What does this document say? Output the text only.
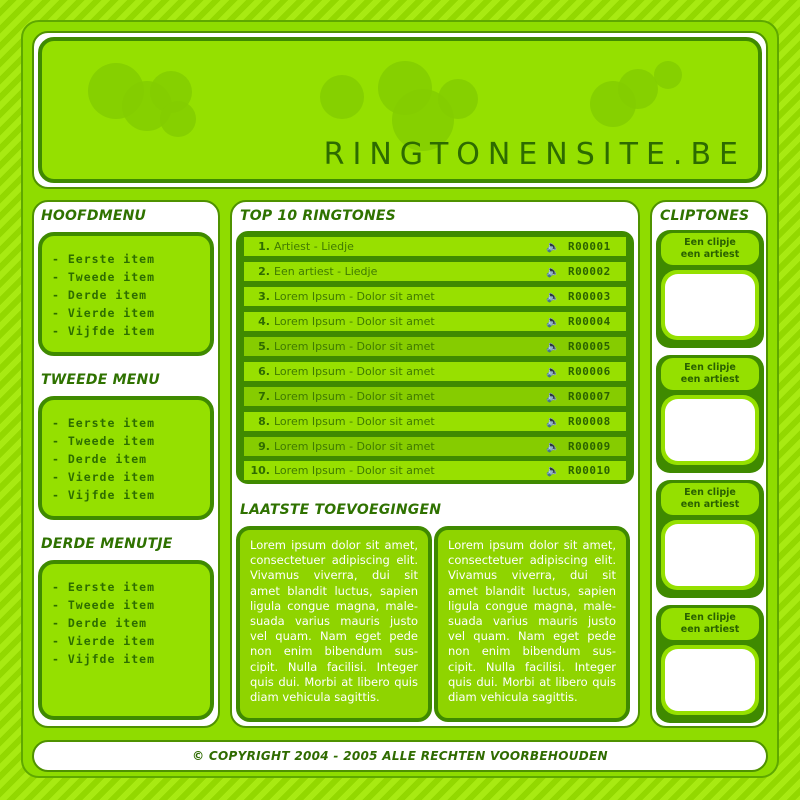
RINGTONENSITE.BE
HOOFDMENU
- Eerste item
- Tweede item
- Derde item
- Vierde item
- Vijfde item
TWEEDE MENU
- Eerste item
- Tweede item
- Derde item
- Vierde item
- Vijfde item
DERDE MENUTJE
- Eerste item
- Tweede item
- Derde item
- Vierde item
- Vijfde item
TOP 10 RINGTONES
1. Artiest - Liedje	🔈 R00001
2. Een artiest - Liedje	🔈 R00002
3. Lorem Ipsum - Dolor sit amet	🔈 R00003
4. Lorem Ipsum - Dolor sit amet	🔈 R00004
5. Lorem Ipsum - Dolor sit amet	🔈 R00005
6. Lorem Ipsum - Dolor sit amet	🔈 R00006
7. Lorem Ipsum - Dolor sit amet	🔈 R00007
8. Lorem Ipsum - Dolor sit amet	🔈 R00008
9. Lorem Ipsum - Dolor sit amet	🔈 R00009
10. Lorem Ipsum - Dolor sit amet	🔈 R00010
LAATSTE TOEVOEGINGEN
Lorem ipsum dolor sit amet, consectetuer adipiscing elit. Vivamus viverra, dui sit amet blandit luctus, sapien ligula congue magna, male-suada varius mauris justo vel quam. Nam eget pede non enim bibendum sus-cipit. Nulla facilisi. Integer quis dui. Morbi at libero quis diam vehicula sagittis.
Lorem ipsum dolor sit amet, consectetuer adipiscing elit. Vivamus viverra, dui sit amet blandit luctus, sapien ligula congue magna, male-suada varius mauris justo vel quam. Nam eget pede non enim bibendum sus-cipit. Nulla facilisi. Integer quis dui. Morbi at libero quis diam vehicula sagittis.
CLIPTONES
Een clipje
een artiest
Een clipje
een artiest
Een clipje
een artiest
Een clipje
een artiest
© COPYRIGHT 2004 - 2005 ALLE RECHTEN VOORBEHOUDEN
